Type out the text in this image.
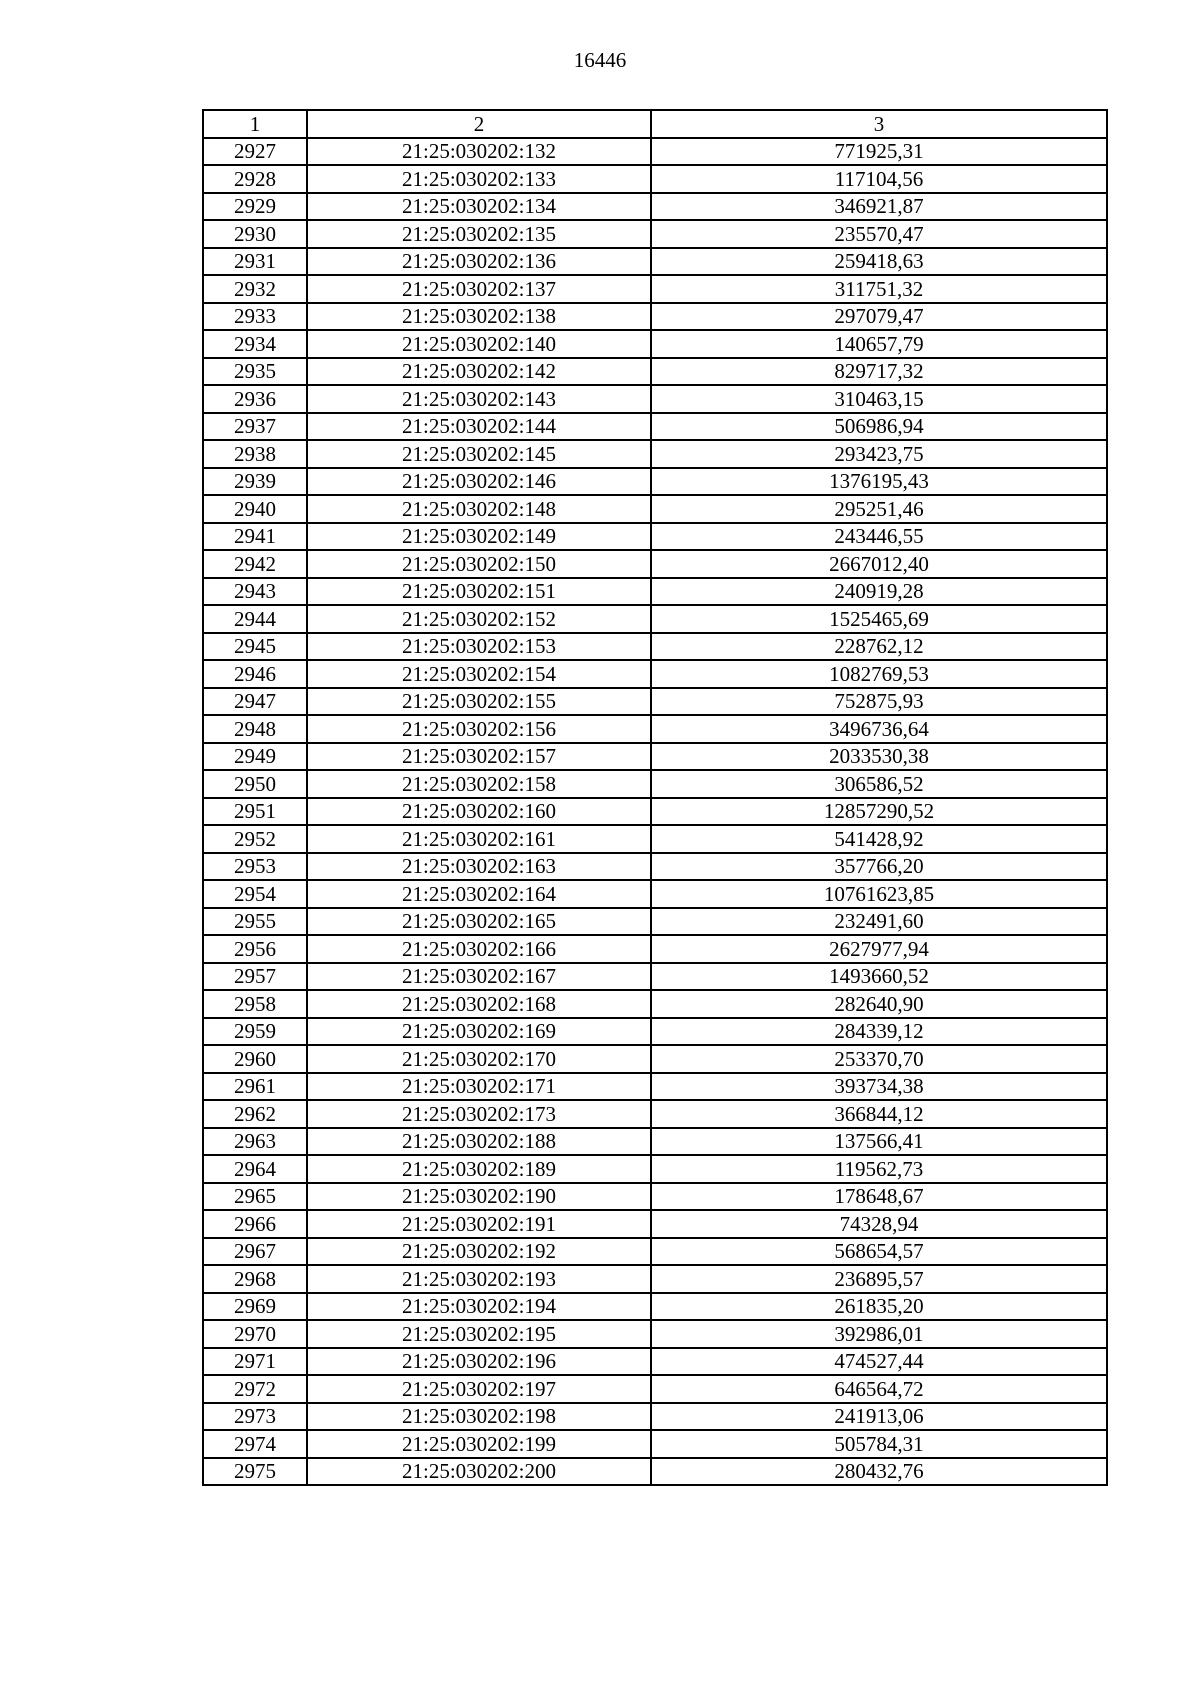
16446
1	2	3
2927	21:25:030202:132	771925,31
2928	21:25:030202:133	117104,56
2929	21:25:030202:134	346921,87
2930	21:25:030202:135	235570,47
2931	21:25:030202:136	259418,63
2932	21:25:030202:137	311751,32
2933	21:25:030202:138	297079,47
2934	21:25:030202:140	140657,79
2935	21:25:030202:142	829717,32
2936	21:25:030202:143	310463,15
2937	21:25:030202:144	506986,94
2938	21:25:030202:145	293423,75
2939	21:25:030202:146	1376195,43
2940	21:25:030202:148	295251,46
2941	21:25:030202:149	243446,55
2942	21:25:030202:150	2667012,40
2943	21:25:030202:151	240919,28
2944	21:25:030202:152	1525465,69
2945	21:25:030202:153	228762,12
2946	21:25:030202:154	1082769,53
2947	21:25:030202:155	752875,93
2948	21:25:030202:156	3496736,64
2949	21:25:030202:157	2033530,38
2950	21:25:030202:158	306586,52
2951	21:25:030202:160	12857290,52
2952	21:25:030202:161	541428,92
2953	21:25:030202:163	357766,20
2954	21:25:030202:164	10761623,85
2955	21:25:030202:165	232491,60
2956	21:25:030202:166	2627977,94
2957	21:25:030202:167	1493660,52
2958	21:25:030202:168	282640,90
2959	21:25:030202:169	284339,12
2960	21:25:030202:170	253370,70
2961	21:25:030202:171	393734,38
2962	21:25:030202:173	366844,12
2963	21:25:030202:188	137566,41
2964	21:25:030202:189	119562,73
2965	21:25:030202:190	178648,67
2966	21:25:030202:191	74328,94
2967	21:25:030202:192	568654,57
2968	21:25:030202:193	236895,57
2969	21:25:030202:194	261835,20
2970	21:25:030202:195	392986,01
2971	21:25:030202:196	474527,44
2972	21:25:030202:197	646564,72
2973	21:25:030202:198	241913,06
2974	21:25:030202:199	505784,31
2975	21:25:030202:200	280432,76
